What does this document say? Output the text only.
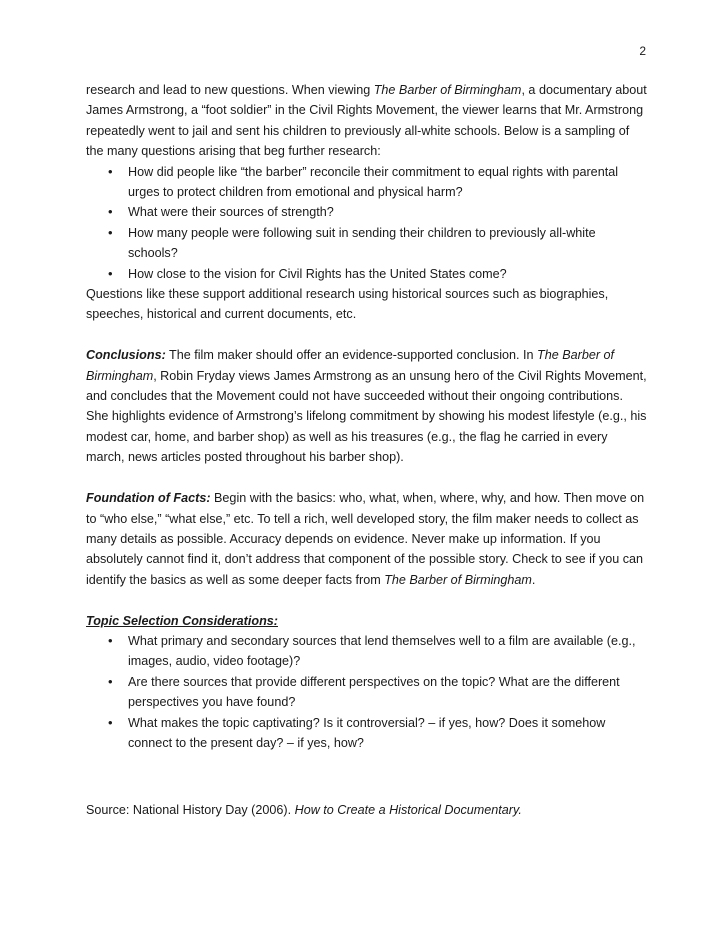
2

research and lead to new questions. When viewing The Barber of Birmingham, a documentary about James Armstrong, a “foot soldier” in the Civil Rights Movement, the viewer learns that Mr. Armstrong repeatedly went to jail and sent his children to previously all-white schools. Below is a sampling of the many questions arising that beg further research:

• How did people like “the barber” reconcile their commitment to equal rights with parental urges to protect children from emotional and physical harm?
• What were their sources of strength?
• How many people were following suit in sending their children to previously all-white schools?
• How close to the vision for Civil Rights has the United States come?

Questions like these support additional research using historical sources such as biographies, speeches, historical and current documents, etc.

Conclusions: The film maker should offer an evidence-supported conclusion. In The Barber of Birmingham, Robin Fryday views James Armstrong as an unsung hero of the Civil Rights Movement, and concludes that the Movement could not have succeeded without their ongoing contributions. She highlights evidence of Armstrong’s lifelong commitment by showing his modest lifestyle (e.g., his modest car, home, and barber shop) as well as his treasures (e.g., the flag he carried in every march, news articles posted throughout his barber shop).

Foundation of Facts: Begin with the basics: who, what, when, where, why, and how. Then move on to “who else,” “what else,” etc. To tell a rich, well developed story, the film maker needs to collect as many details as possible. Accuracy depends on evidence. Never make up information. If you absolutely cannot find it, don’t address that component of the possible story. Check to see if you can identify the basics as well as some deeper facts from The Barber of Birmingham.

Topic Selection Considerations:

• What primary and secondary sources that lend themselves well to a film are available (e.g., images, audio, video footage)?
• Are there sources that provide different perspectives on the topic? What are the different perspectives you have found?
• What makes the topic captivating? Is it controversial? – if yes, how? Does it somehow connect to the present day? – if yes, how?

Source: National History Day (2006). How to Create a Historical Documentary.
